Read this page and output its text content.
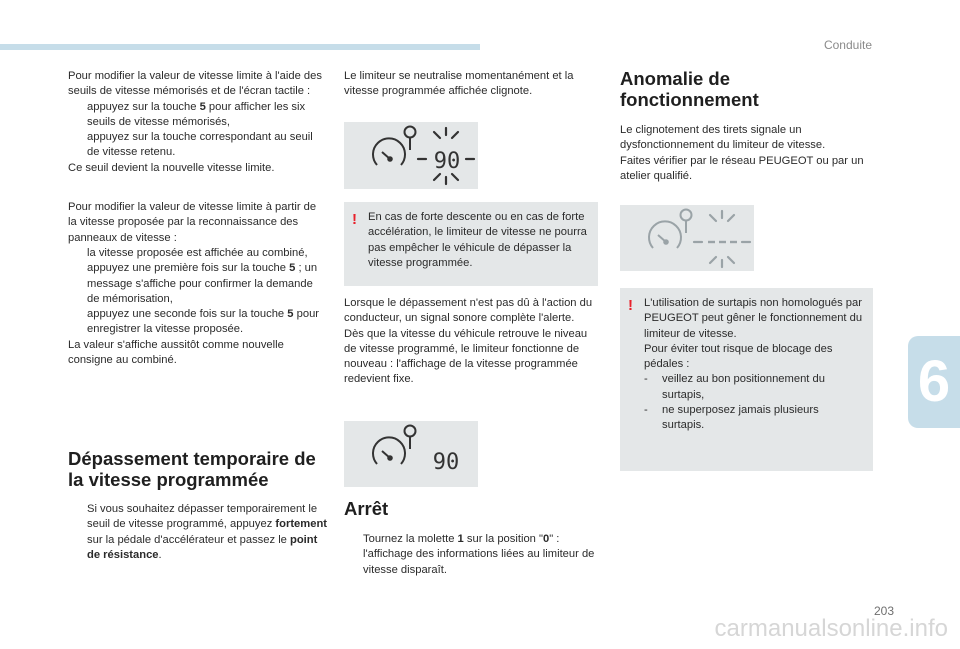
Conduite
6
203
carmanualsonline.info

Pour modifier la valeur de vitesse limite à l'aide des seuils de vitesse mémorisés et de l'écran tactile :

appuyez sur la touche 5 pour afficher les six seuils de vitesse mémorisés,

appuyez sur la touche correspondant au seuil de vitesse retenu.

Ce seuil devient la nouvelle vitesse limite.

Pour modifier la valeur de vitesse limite à partir de la vitesse proposée par la reconnaissance des panneaux de vitesse :

la vitesse proposée est affichée au combiné,

appuyez une première fois sur la touche 5 ; un message s'affiche pour confirmer la demande de mémorisation,

appuyez une seconde fois sur la touche 5 pour enregistrer la vitesse proposée.

La valeur s'affiche aussitôt comme nouvelle consigne au combiné.

Dépassement temporaire de la vitesse programmée

Si vous souhaitez dépasser temporairement le seuil de vitesse programmé, appuyez fortement sur la pédale d'accélérateur et passez le point de résistance.

Le limiteur se neutralise momentanément et la vitesse programmée affichée clignote.

90
! En cas de forte descente ou en cas de forte accélération, le limiteur de vitesse ne pourra pas empêcher le véhicule de dépasser la vitesse programmée.

Lorsque le dépassement n'est pas dû à l'action du conducteur, un signal sonore complète l'alerte.

Dès que la vitesse du véhicule retrouve le niveau de vitesse programmé, le limiteur fonctionne de nouveau : l'affichage de la vitesse programmée redevient fixe.

90
Arrêt

Tournez la molette 1 sur la position "0" : l'affichage des informations liées au limiteur de vitesse disparaît.

Anomalie de fonctionnement

Le clignotement des tirets signale un dysfonctionnement du limiteur de vitesse.

Faites vérifier par le réseau PEUGEOT ou par un atelier qualifié.

! L'utilisation de surtapis non homologués par PEUGEOT peut gêner le fonctionnement du limiteur de vitesse.

Pour éviter tout risque de blocage des pédales :

- veillez au bon positionnement du surtapis,

- ne superposez jamais plusieurs surtapis.
